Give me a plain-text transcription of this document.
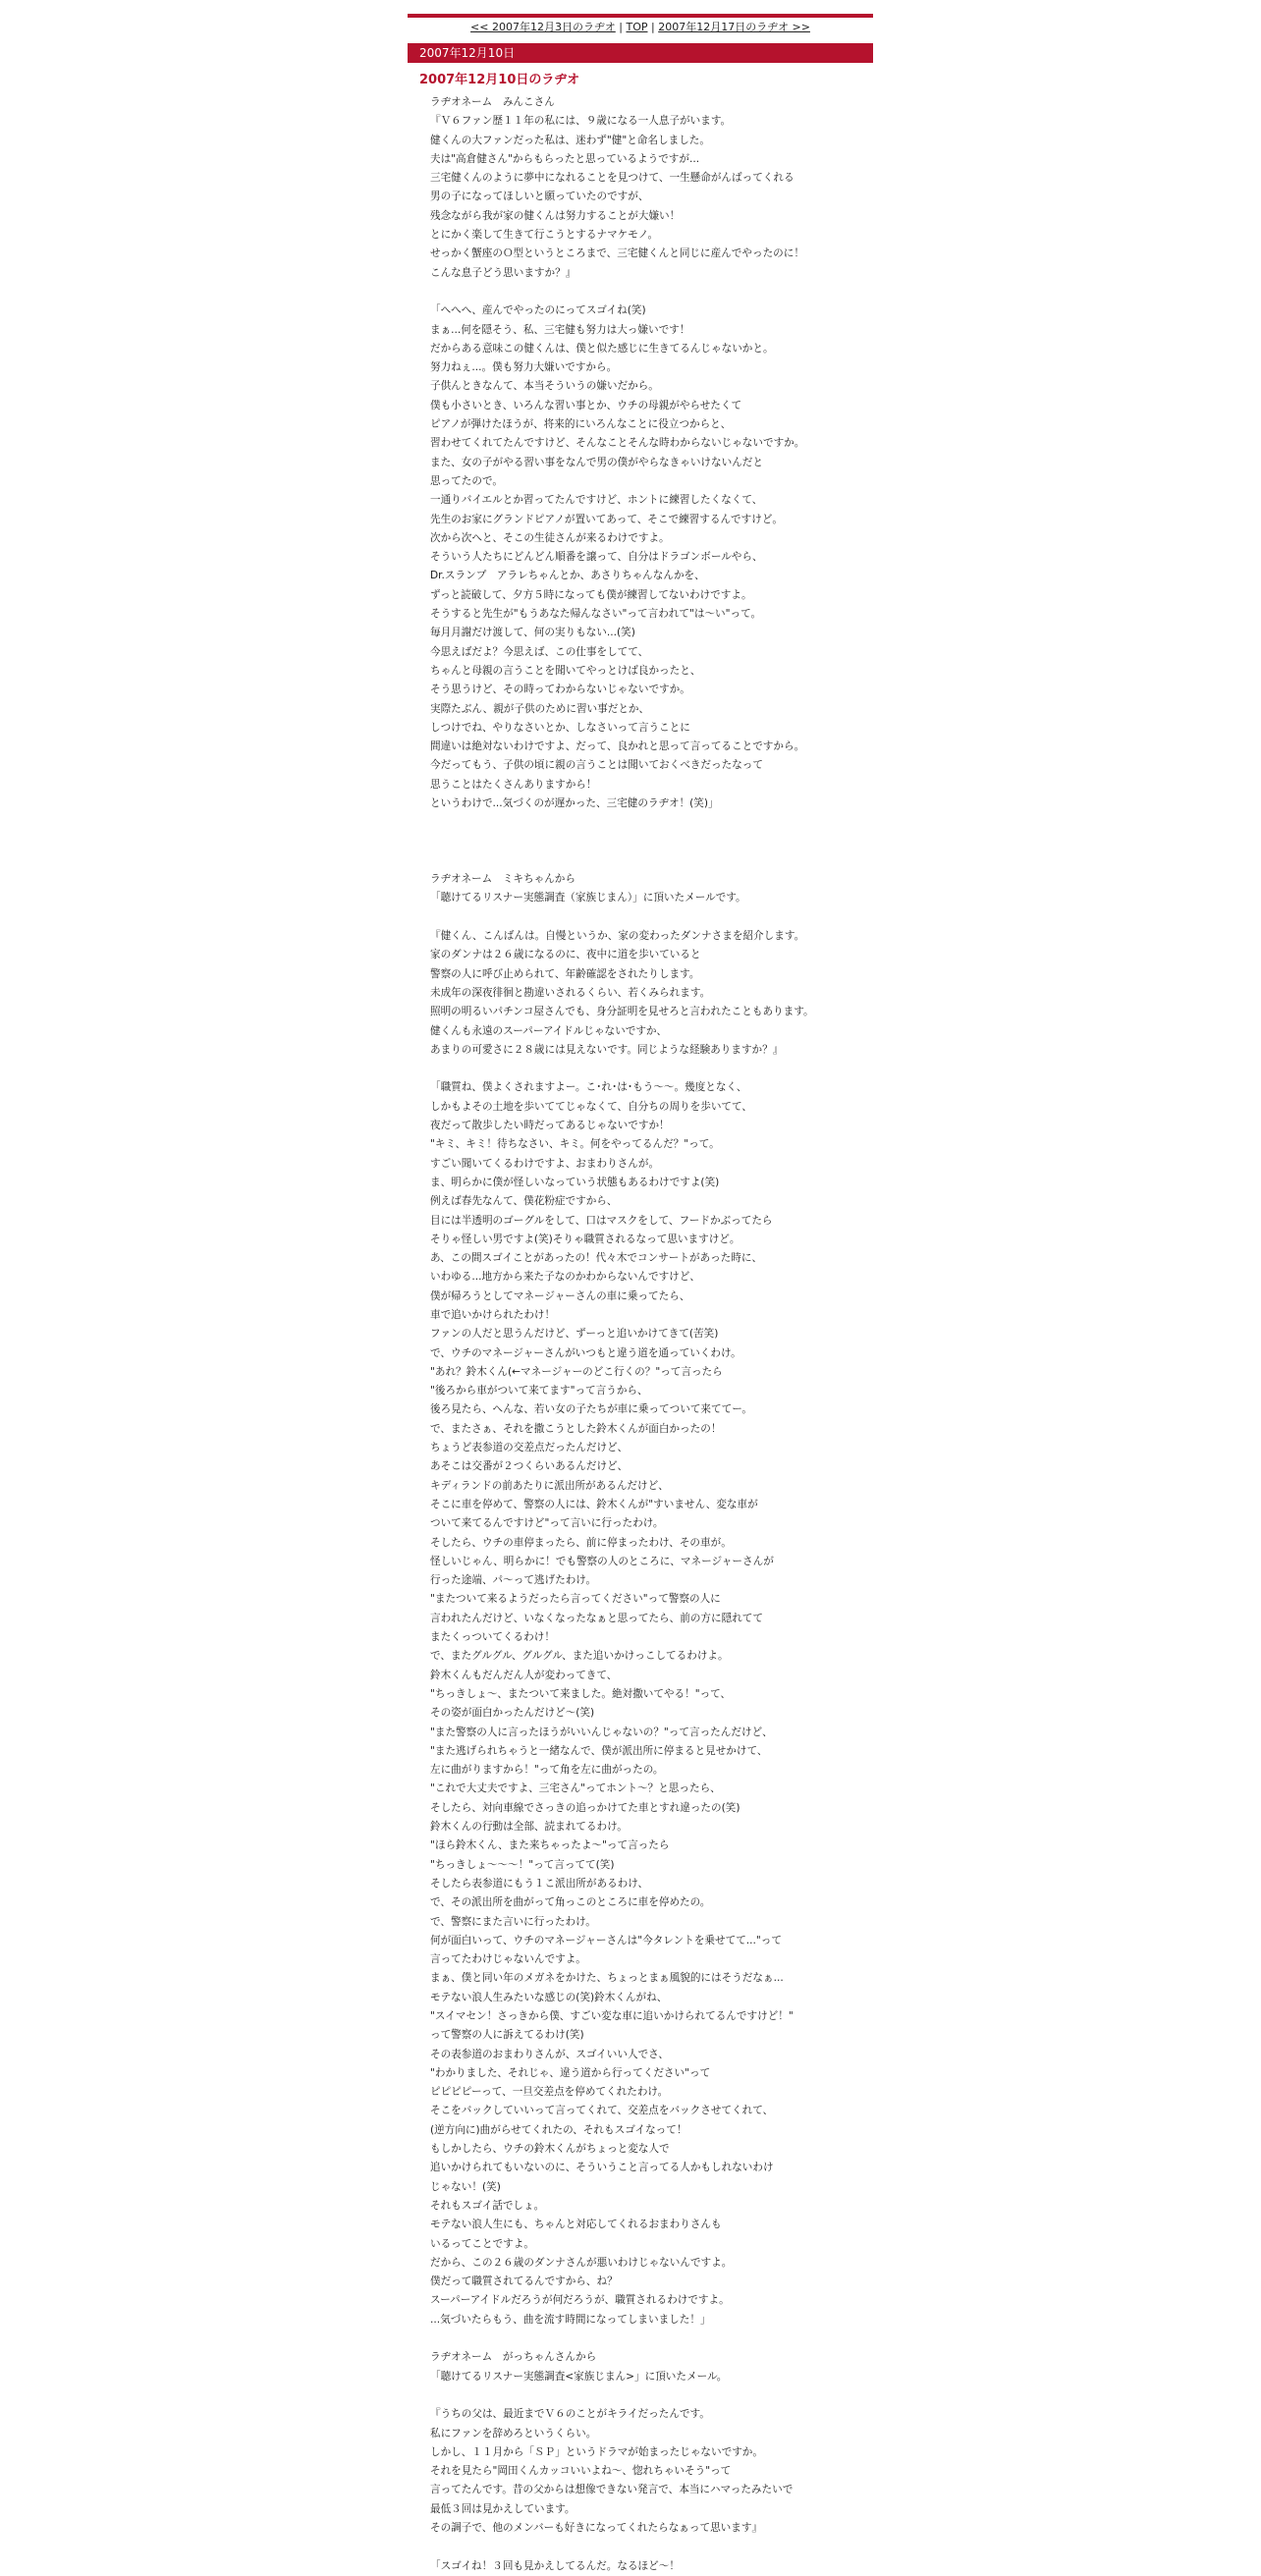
<< 2007年12月3日のラヂオ | TOP | 2007年12月17日のラヂオ >>
2007年12月10日
2007年12月10日のラヂオ
ラヂオネーム　みんこさん
『Ｖ６ファン歴１１年の私には、９歳になる一人息子がいます。
健くんの大ファンだった私は、迷わず"健"と命名しました。
夫は"高倉健さん"からもらったと思っているようですが...
三宅健くんのように夢中になれることを見つけて、一生懸命がんばってくれる
男の子になってほしいと願っていたのですが、
残念ながら我が家の健くんは努力することが大嫌い！
とにかく楽して生きて行こうとするナマケモノ。
せっかく蟹座のＯ型というところまで、三宅健くんと同じに産んでやったのに！
こんな息子どう思いますか？』
「へへへ、産んでやったのにってスゴイね(笑)
まぁ...何を隠そう、私、三宅健も努力は大っ嫌いです！
だからある意味この健くんは、僕と似た感じに生きてるんじゃないかと。
努力ねぇ...。僕も努力大嫌いですから。
子供んときなんて、本当そういうの嫌いだから。
僕も小さいとき、いろんな習い事とか、ウチの母親がやらせたくて
ピアノが弾けたほうが、将来的にいろんなことに役立つからと、
習わせてくれてたんですけど、そんなことそんな時わからないじゃないですか。
また、女の子がやる習い事をなんで男の僕がやらなきゃいけないんだと
思ってたので。
一通りバイエルとか習ってたんですけど、ホントに練習したくなくて、
先生のお家にグランドピアノが置いてあって、そこで練習するんですけど。
次から次へと、そこの生徒さんが来るわけですよ。
そういう人たちにどんどん順番を譲って、自分はドラゴンボールやら、
Dr.スランプ　アラレちゃんとか、あさりちゃんなんかを、
ずっと読破して、夕方５時になっても僕が練習してないわけですよ。
そうすると先生が"もうあなた帰んなさい"って言われて"は～い"って。
毎月月謝だけ渡して、何の実りもない...(笑)
今思えばだよ？今思えば、この仕事をしてて、
ちゃんと母親の言うことを聞いてやっとけば良かったと、
そう思うけど、その時ってわからないじゃないですか。
実際たぶん、親が子供のために習い事だとか、
しつけでね、やりなさいとか、しなさいって言うことに
間違いは絶対ないわけですよ、だって、良かれと思って言ってることですから。
今だってもう、子供の頃に親の言うことは聞いておくべきだったなって
思うことはたくさんありますから！
というわけで...気づくのが遅かった、三宅健のラヂオ！(笑)」
ラヂオネーム　ミキちゃんから
「聴けてるリスナー実態調査（家族じまん）」に頂いたメールです。
『健くん、こんばんは。自慢というか、家の変わったダンナさまを紹介します。
家のダンナは２６歳になるのに、夜中に道を歩いていると
警察の人に呼び止められて、年齢確認をされたりします。
未成年の深夜徘徊と勘違いされるくらい、若くみられます。
照明の明るいパチンコ屋さんでも、身分証明を見せろと言われたこともあります。
健くんも永遠のスーパーアイドルじゃないですか、
あまりの可愛さに２８歳には見えないです。同じような経験ありますか？』
「職質ね、僕よくされますよー。こ･れ･は･もう～～。幾度となく、
しかもよその土地を歩いててじゃなくて、自分ちの周りを歩いてて、
夜だって散歩したい時だってあるじゃないですか！
"キミ、キミ！待ちなさい、キミ。何をやってるんだ？"って。
すごい聞いてくるわけですよ、おまわりさんが。
ま、明らかに僕が怪しいなっていう状態もあるわけですよ(笑)
例えば春先なんて、僕花粉症ですから、
目には半透明のゴーグルをして、口はマスクをして、フードかぶってたら
そりゃ怪しい男ですよ(笑)そりゃ職質されるなって思いますけど。
あ、この間スゴイことがあったの！代々木でコンサートがあった時に、
いわゆる...地方から来た子なのかわからないんですけど、
僕が帰ろうとしてマネージャーさんの車に乗ってたら、
車で追いかけられたわけ！
ファンの人だと思うんだけど、ずーっと追いかけてきて(苦笑)
で、ウチのマネージャーさんがいつもと違う道を通っていくわけ。
"あれ？鈴木くん(←マネージャーのどこ行くの？"って言ったら
"後ろから車がついて来てます"って言うから、
後ろ見たら、へんな、若い女の子たちが車に乗ってついて来ててー。
で、またさぁ、それを撒こうとした鈴木くんが面白かったの！
ちょうど表参道の交差点だったんだけど、
あそこは交番が２つくらいあるんだけど、
キディランドの前あたりに派出所があるんだけど、
そこに車を停めて、警察の人には、鈴木くんが"すいません、変な車が
ついて来てるんですけど"って言いに行ったわけ。
そしたら、ウチの車停まったら、前に停まったわけ、その車が。
怪しいじゃん、明らかに！でも警察の人のところに、マネージャーさんが
行った途端、パ～って逃げたわけ。
"またついて来るようだったら言ってください"って警察の人に
言われたんだけど、いなくなったなぁと思ってたら、前の方に隠れてて
またくっついてくるわけ！
で、またグルグル、グルグル、また追いかけっこしてるわけよ。
鈴木くんもだんだん人が変わってきて、
"ちっきしょ～、またついて来ました。絶対撒いてやる！"って、
その姿が面白かったんだけど〜(笑)
"また警察の人に言ったほうがいいんじゃないの？"って言ったんだけど、
"また逃げられちゃうと一緒なんで、僕が派出所に停まると見せかけて、
左に曲がりますから！"って角を左に曲がったの。
"これで大丈夫ですよ、三宅さん"ってホント～？と思ったら、
そしたら、対向車線でさっきの追っかけてた車とすれ違ったの(笑)
鈴木くんの行動は全部、読まれてるわけ。
"ほら鈴木くん、また来ちゃったよ～"って言ったら
"ちっきしょ～～～！"って言ってて(笑)
そしたら表参道にもう１こ派出所があるわけ、
で、その派出所を曲がって角っこのところに車を停めたの。
で、警察にまた言いに行ったわけ。
何が面白いって、ウチのマネージャーさんは"今タレントを乗せてて..."って
言ってたわけじゃないんですよ。
まぁ、僕と同い年のメガネをかけた、ちょっとまぁ風貌的にはそうだなぁ...
モテない浪人生みたいな感じの(笑)鈴木くんがね、
"スイマセン！さっきから僕、すごい変な車に追いかけられてるんですけど！"
って警察の人に訴えてるわけ(笑)
その表参道のおまわりさんが、スゴイいい人でさ、
"わかりました、それじゃ、違う道から行ってください"って
ピピピピーって、一旦交差点を停めてくれたわけ。
そこをバックしていいって言ってくれて、交差点をバックさせてくれて、
(逆方向に)曲がらせてくれたの、それもスゴイなって！
もしかしたら、ウチの鈴木くんがちょっと変な人で
追いかけられてもいないのに、そういうこと言ってる人かもしれないわけ
じゃない！(笑)
それもスゴイ話でしょ。
モテない浪人生にも、ちゃんと対応してくれるおまわりさんも
いるってことですよ。
だから、この２６歳のダンナさんが悪いわけじゃないんですよ。
僕だって職質されてるんですから、ね？
スーパーアイドルだろうが何だろうが、職質されるわけですよ。
...気づいたらもう、曲を流す時間になってしまいました！」
ラヂオネーム　がっちゃんさんから
「聴けてるリスナー実態調査<家族じまん>」に頂いたメール。
『うちの父は、最近までＶ６のことがキライだったんです。
私にファンを辞めろというくらい。
しかし、１１月から「ＳＰ」というドラマが始まったじゃないですか。
それを見たら"岡田くんカッコいいよね～、惚れちゃいそう"って
言ってたんです。昔の父からは想像できない発言で、本当にハマったみたいで
最低３回は見かえしています。
その調子で、他のメンバーも好きになってくれたらなぁって思います』
「スゴイね！３回も見かえしてるんだ。なるほど～！
